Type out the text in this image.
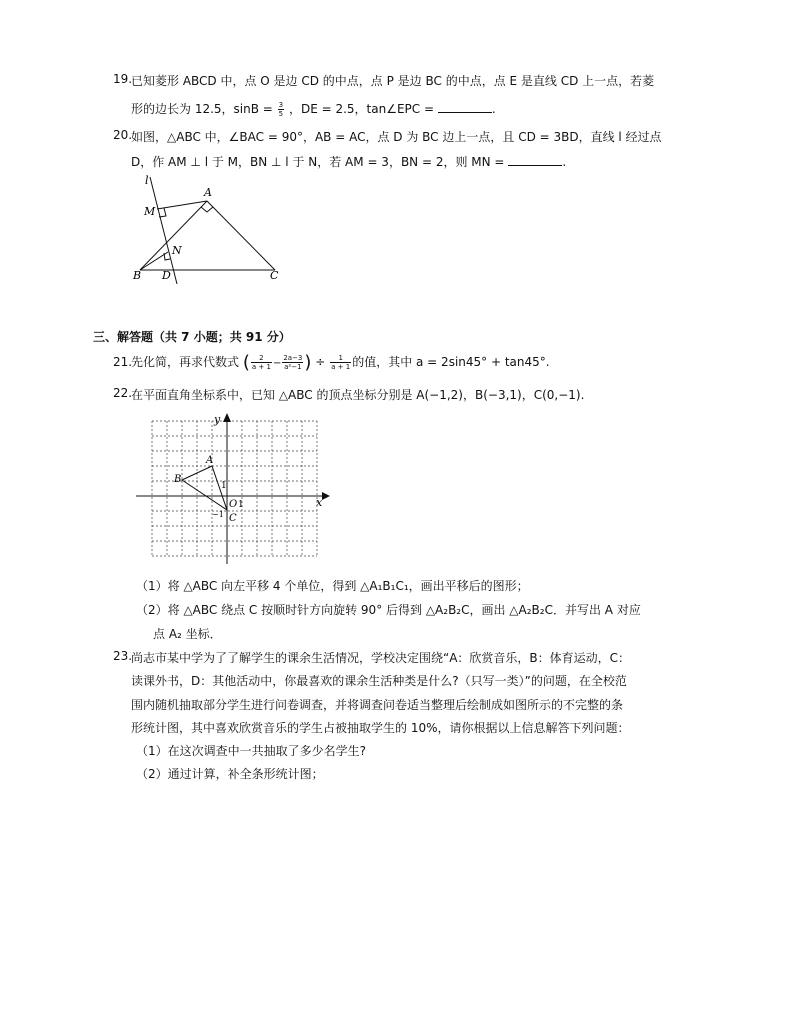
19.
已知菱形 ABCD 中，点 O 是边 CD 的中点，点 P 是边 BC 的中点，点 E 是直线 CD 上一点，若菱
形的边长为 12.5，$\sin B = \frac{3}{5}$ ，DE = 2.5，tan∠EPC =	.
20.
如图，△ABC 中，∠BAC = 90°，AB = AC，点 D 为 BC 边上一点，且 CD = 3BD，直线 l 经过点
D，作 AM ⊥ l 于 M，BN ⊥ l 于 N，若 AM = 3，BN = 2，则 MN =	.
l
A
M
N
B D	C
三、解答题（共 7 小题；共 91 分）
21.
先化简，再求代数式 ( $\frac{2}{a + 1} - \frac{2a-3}{\text{a²−1}}$ ) ÷ $\frac{1}{a + 1}$ 的值，其中 a = 2sin45° + tan45°.
22.
在平面直角坐标系中，已知 △ABC 的顶点坐标分别是 A(−1,2)，B(−3,1)，C(0,−1).
y
x
A
B
O 1
1
C
−1
（1）将 △ABC 向左平移 4 个单位，得到 △A₁B₁C₁，画出平移后的图形；
（2）将 △ABC 绕点 C 按顺时针方向旋转 90° 后得到 △A₂B₂C，画出 △A₂B₂C．并写出 A 对应
点 A₂ 坐标．
23.
尚志市某中学为了了解学生的课余生活情况，学校决定围绕“A：欣赏音乐，B：体育运动，C：
读课外书，D：其他活动中，你最喜欢的课余生活种类是什么?（只写一类）”的问题，在全校范
围内随机抽取部分学生进行问卷调查，并将调查问卷适当整理后绘制成如图所示的不完整的条
形统计图，其中喜欢欣赏音乐的学生占被抽取学生的 10%，请你根据以上信息解答下列问题：
（1）在这次调查中一共抽取了多少名学生?
（2）通过计算，补全条形统计图；
